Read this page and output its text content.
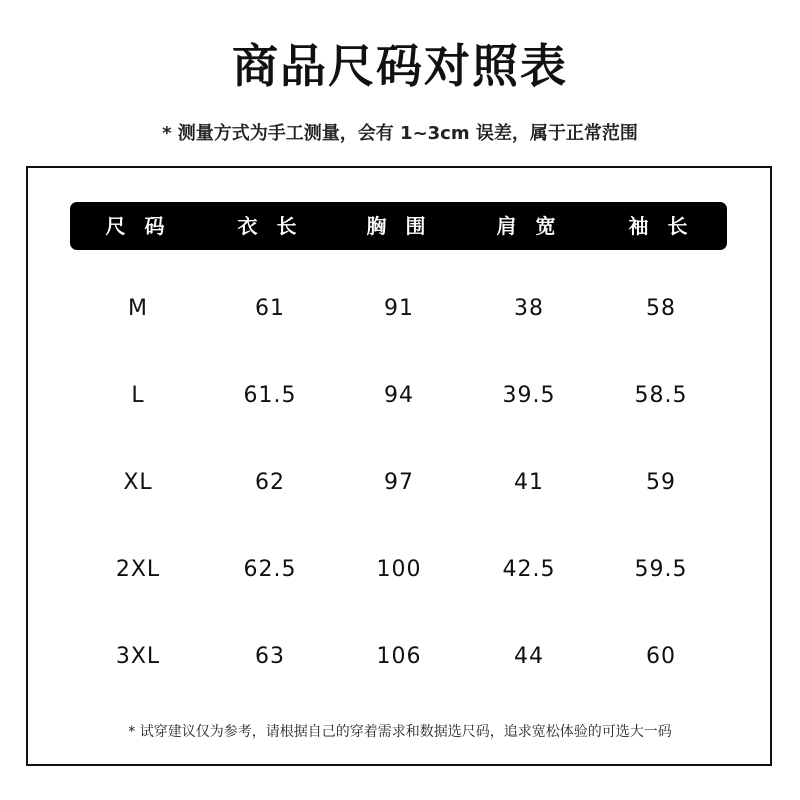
商品尺码对照表
* 测量方式为手工测量，会有 1~3cm 误差，属于正常范围
尺 码	衣 长	胸 围	肩 宽	袖 长
M	61	91	38	58
L	61.5	94	39.5	58.5
XL	62	97	41	59
2XL	62.5	100	42.5	59.5
3XL	63	106	44	60
* 试穿建议仅为参考，请根据自己的穿着需求和数据选尺码，追求宽松体验的可选大一码
